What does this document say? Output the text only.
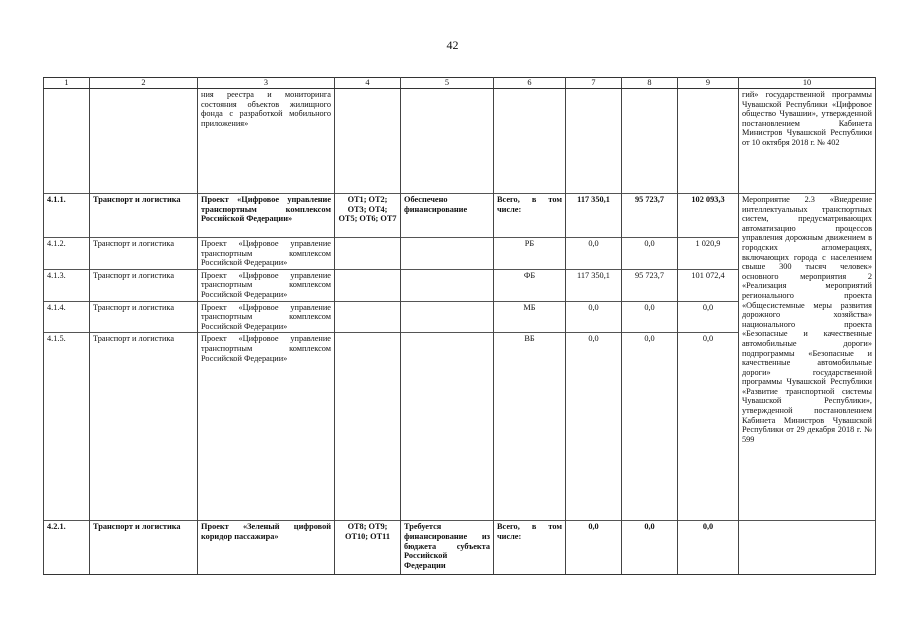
42
1	2	3	4	5	6	7	8	9	10
		ния реестра и мониторинга состояния объектов жилищного фонда с разработкой мобильного приложения»							гий» государственной программы Чувашской Республики «Цифровое общество Чувашии», утвержденной постановлением Кабинета Министров Чувашской Республики от 10 октября 2018 г. № 402
4.1.1.	Транспорт и логистика	Проект «Цифровое управление транспортным комплексом Российской Федерации»	ОТ1; ОТ2; ОТ3; ОТ4; ОТ5; ОТ6; ОТ7	Обеспечено финансирование	Всего, в том числе:	117 350,1	95 723,7	102 093,3	Мероприятие 2.3 «Внедрение интеллектуальных транспортных систем, предусматривающих автоматизацию процессов управления дорожным движением в городских агломерациях, включающих города с населением свыше 300 тысяч человек» основного мероприятия 2 «Реализация мероприятий регионального проекта «Общесистемные меры развития дорожного хозяйства» национального проекта «Безопасные и качественные автомобильные дороги» подпрограммы «Безопасные и качественные автомобильные дороги» государственной программы Чувашской Республики «Развитие транспортной системы Чувашской Республики», утвержденной постановлением Кабинета Министров Чувашской Республики от 29 декабря 2018 г. № 599
4.1.2.	Транспорт и логистика	Проект «Цифровое управление транспортным комплексом Российской Федерации»			РБ	0,0	0,0	1 020,9	
4.1.3.	Транспорт и логистика	Проект «Цифровое управление транспортным комплексом Российской Федерации»			ФБ	117 350,1	95 723,7	101 072,4	
4.1.4.	Транспорт и логистика	Проект «Цифровое управление транспортным комплексом Российской Федерации»			МБ	0,0	0,0	0,0	
4.1.5.	Транспорт и логистика	Проект «Цифровое управление транспортным комплексом Российской Федерации»			ВБ	0,0	0,0	0,0	
4.2.1.	Транспорт и логистика	Проект «Зеленый цифровой коридор пассажира»	ОТ8; ОТ9; ОТ10; ОТ11	Требуется финансирование из бюджета субъекта Российской Федерации	Всего, в том числе:	0,0	0,0	0,0	
